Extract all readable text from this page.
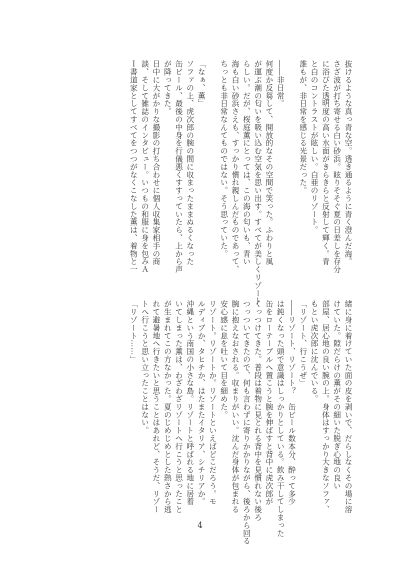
抜けるような真っ青な空。透き通るように青く澄んだ海。
さざ波が打ち寄せる白い砂浜。眩りそそぐ夏の日差しを存分
に浴びた透明度の高い水面がきらきらと反射して輝く。青
と白のコントラストが眩しい。白亜のリゾート。
誰もが、非日常を感じる光景だった。

――非日常。
何度か反芻して、開放的なその空間で笑った。ふわりと風
が運ぶ潮の匂いを吸い込む空気を思い出す。すべてが美しくリゾート
らしい。だが、桜庭薫にとっては、この海の匂いも、青い
海も白い砂浜さえも、すっかり慣れ親しんだものであって、
ちっとも非日常なんてものではない。そう思っていた。

「なぁ、薫」
ソファの上、虎次郎の腕の間に収まったままぬるくなった
缶ビール、最後の中身を行儀悪くすすっていたら、上から声
が降ってきた。
日中に大がかりな撮影の打ち合わせに個人収集家相手の商
談、そして雑誌のインタビュー。いつもの和服に身を包みＡ
Ｉ書道家としてすべてをつつがなくこなした薫は、着物と一
緒に身に着けていた面の皮を剥いで、だらしなくその場に溶
けていた。隙だらけの薫がその細いた脱ぎ心地の良い
部屋、居心地の良い腕の上。身体はすっかり大きなソファ、
もとい虎次郎に沈んでいる。
「リゾート、行こうぜ」
――リゾート、リゾート？　缶ビール数本分、酔って多少
は鈍くなった頭で意識はしっかりとしている。飲み干してしまった
缶をローテーブルへ置こうと腕を伸ばすと背中に虎次郎が
くっつけてきた。普段は着物に見とれる背中を見慣れない後ろ
つっついてきたので、何も言わずに寄りかかりながら、後ろから回る
腕に抱えなおされる。収まりがいい。沈んだ身体が包まれる
安心感に息を吐いて目を細めた。
リゾート。リゾートか。リゾートといえばどこだろう。モ
ルディブか、タヒチか、はたまたイタリア、シチリアか。
沖縄という南国の小さな島。リゾートと呼ばれる地に居着
いてしまった薫は、わざわざリゾートへ行こうと思ったこと
が生まれてこの方なかった。夏のじめじめとした熱さから逃
れて避暑地へ行きたいと思うことはあれど、そうだ、リゾー
トへ行こうと思い立ったことはない。
「リゾート……」
4
